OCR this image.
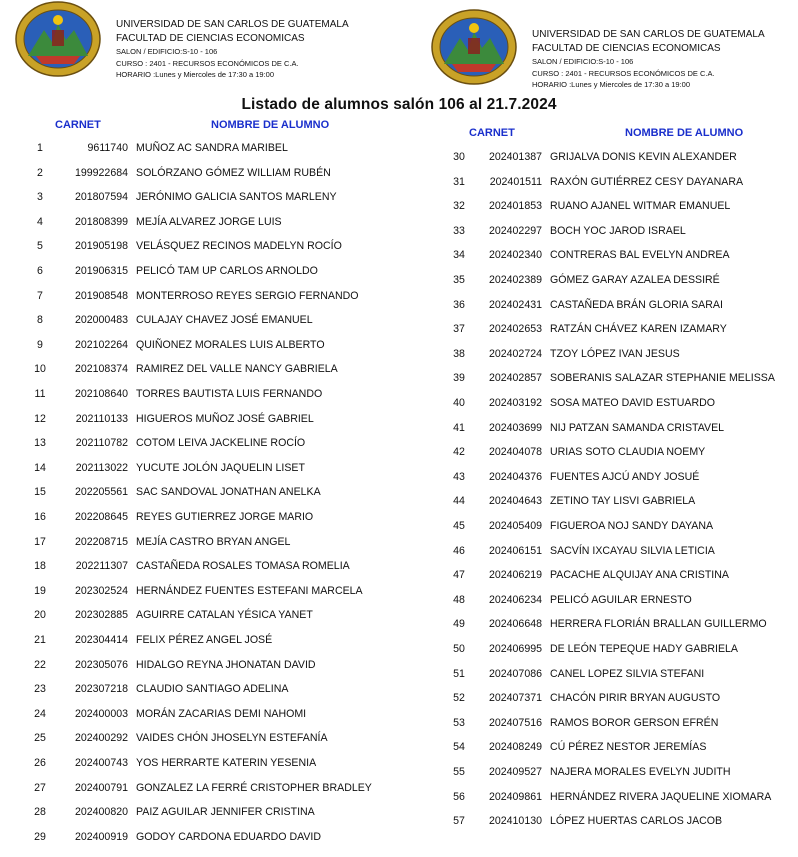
UNIVERSIDAD DE SAN CARLOS DE GUATEMALA
FACULTAD DE CIENCIAS ECONOMICAS
SALON / EDIFICIO:S-10 - 106
CURSO : 2401 - RECURSOS ECONÓMICOS DE C.A.
HORARIO :Lunes y Miercoles de 17:30 a 19:00
UNIVERSIDAD DE SAN CARLOS DE GUATEMALA
FACULTAD DE CIENCIAS ECONOMICAS
SALON / EDIFICIO:S-10 - 106
CURSO : 2401 - RECURSOS ECONÓMICOS DE C.A.
HORARIO :Lunes y Miercoles de 17:30 a 19:00
Listado de alumnos salón 106 al 21.7.2024
CARNET	NOMBRE DE ALUMNO
CARNET	NOMBRE DE ALUMNO
1	9611740 MUÑOZ AC SANDRA MARIBEL
2	199922684 SOLÓRZANO GÓMEZ WILLIAM RUBÉN
3	201807594 JERÓNIMO GALICIA SANTOS MARLENY
4	201808399 MEJÍA ALVAREZ JORGE LUIS
5	201905198 VELÁSQUEZ RECINOS MADELYN ROCÍO
6	201906315 PELICÓ TAM UP CARLOS ARNOLDO
7	201908548 MONTERROSO REYES SERGIO FERNANDO
8	202000483 CULAJAY CHAVEZ JOSÉ EMANUEL
9	202102264 QUIÑONEZ MORALES LUIS ALBERTO
10	202108374 RAMIREZ DEL VALLE NANCY GABRIELA
11	202108640 TORRES BAUTISTA LUIS FERNANDO
12	202110133 HIGUEROS MUÑOZ JOSÉ GABRIEL
13	202110782 COTOM LEIVA JACKELINE ROCÍO
14	202113022 YUCUTE JOLÓN JAQUELIN LISET
15	202205561 SAC SANDOVAL JONATHAN ANELKA
16	202208645 REYES GUTIERREZ JORGE MARIO
17	202208715 MEJÍA CASTRO BRYAN ANGEL
18	202211307 CASTAÑEDA ROSALES TOMASA ROMELIA
19	202302524 HERNÁNDEZ FUENTES ESTEFANI MARCELA
20	202302885 AGUIRRE CATALAN YÉSICA YANET
21	202304414 FELIX PÉREZ ANGEL JOSÉ
22	202305076 HIDALGO REYNA JHONATAN DAVID
23	202307218 CLAUDIO SANTIAGO ADELINA
24	202400003 MORÁN ZACARIAS DEMI NAHOMI
25	202400292 VAIDES CHÓN JHOSELYN ESTEFANÍA
26	202400743 YOS HERRARTE KATERIN YESENIA
27	202400791 GONZALEZ LA FERRÉ CRISTOPHER BRADLEY
28	202400820 PAIZ AGUILAR JENNIFER CRISTINA
29	202400919 GODOY CARDONA EDUARDO DAVID
30	202401387 GRIJALVA DONIS KEVIN ALEXANDER
31	202401511 RAXÓN GUTIÉRREZ CESY DAYANARA
32	202401853 RUANO AJANEL WITMAR EMANUEL
33	202402297 BOCH YOC JAROD ISRAEL
34	202402340 CONTRERAS BAL EVELYN ANDREA
35	202402389 GÓMEZ GARAY AZALEA DESSIRÉ
36	202402431 CASTAÑEDA BRÁN GLORIA SARAI
37	202402653 RATZÁN CHÁVEZ KAREN IZAMARY
38	202402724 TZOY LÓPEZ IVAN JESUS
39	202402857 SOBERANIS SALAZAR STEPHANIE MELISSA
40	202403192 SOSA MATEO DAVID ESTUARDO
41	202403699 NIJ PATZAN SAMANDA CRISTAVEL
42	202404078 URIAS SOTO CLAUDIA NOEMY
43	202404376 FUENTES AJCÚ ANDY JOSUÉ
44	202404643 ZETINO TAY LISVI GABRIELA
45	202405409 FIGUEROA NOJ SANDY DAYANA
46	202406151 SACVÍN IXCAYAU SILVIA LETICIA
47	202406219 PACACHE ALQUIJAY ANA CRISTINA
48	202406234 PELICÓ AGUILAR ERNESTO
49	202406648 HERRERA FLORIÁN BRALLAN GUILLERMO
50	202406995 DE LEÓN TEPEQUE HADY GABRIELA
51	202407086 CANEL LOPEZ SILVIA STEFANI
52	202407371 CHACÓN PIRIR BRYAN AUGUSTO
53	202407516 RAMOS BOROR GERSON EFRÉN
54	202408249 CÚ PÉREZ NESTOR JEREMÍAS
55	202409527 NAJERA MORALES EVELYN JUDITH
56	202409861 HERNÁNDEZ RIVERA JAQUELINE XIOMARA
57	202410130 LÓPEZ HUERTAS CARLOS JACOB
